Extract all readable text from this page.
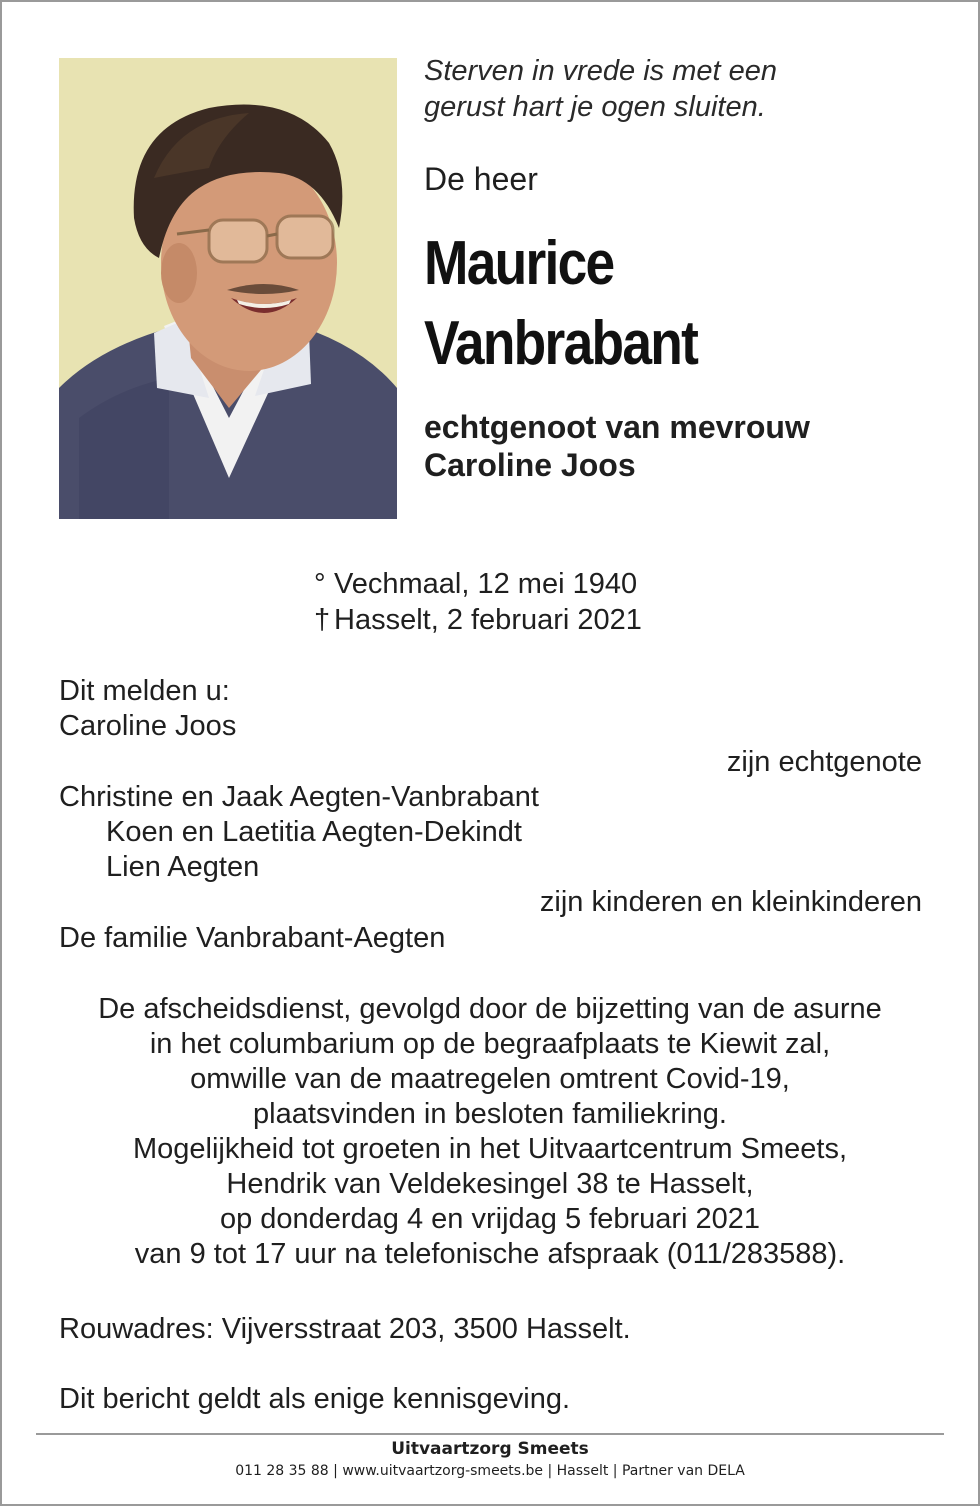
Sterven in vrede is met een
gerust hart je ogen sluiten.
De heer
Maurice
Vanbrabant
echtgenoot van mevrouw
Caroline Joos
° Vechmaal, 12 mei 1940
† Hasselt, 2 februari 2021
Dit melden u:
Caroline Joos
zijn echtgenote
Christine en Jaak Aegten-Vanbrabant
Koen en Laetitia Aegten-Dekindt
Lien Aegten
zijn kinderen en kleinkinderen
De familie Vanbrabant-Aegten
De afscheidsdienst, gevolgd door de bijzetting van de asurne
in het columbarium op de begraafplaats te Kiewit zal,
omwille van de maatregelen omtrent Covid-19,
plaatsvinden in besloten familiekring.
Mogelijkheid tot groeten in het Uitvaartcentrum Smeets,
Hendrik van Veldekesingel 38 te Hasselt,
op donderdag 4 en vrijdag 5 februari 2021
van 9 tot 17 uur na telefonische afspraak (011/283588).
Rouwadres: Vijversstraat 203, 3500 Hasselt.
Dit bericht geldt als enige kennisgeving.
Uitvaartzorg Smeets
011 28 35 88 | www.uitvaartzorg-smeets.be | Hasselt | Partner van DELA
